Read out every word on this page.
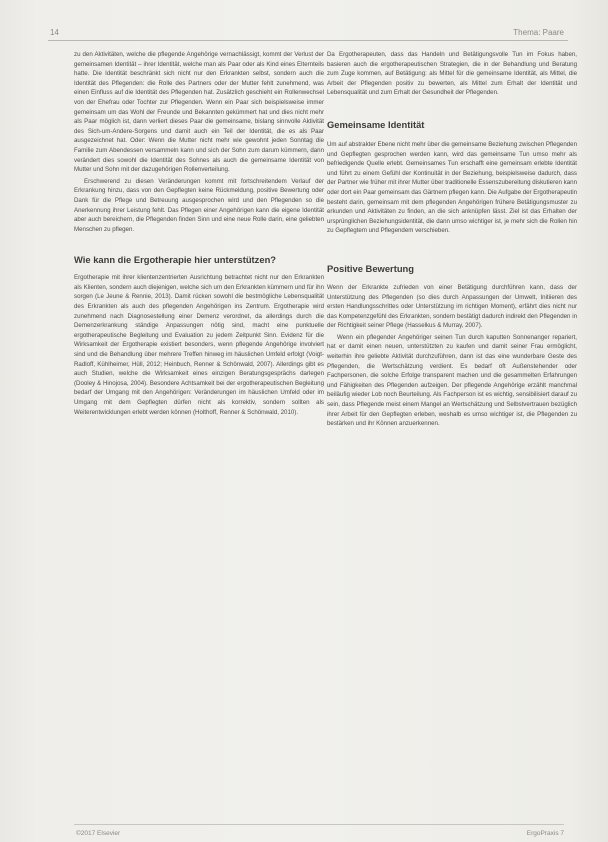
14	Thema: Paare

zu den Aktivitäten, welche die pflegende Angehörige vernachlässigt, kommt der Verlust der gemeinsamen Identität – ihrer Identität, welche man als Paar oder als Kind eines Elternteils hatte. Die Identität beschränkt sich nicht nur den Erkrankten selbst, sondern auch die Identität des Pflegenden: die Rolle des Partners oder der Mutter fehlt zunehmend, was einen Einfluss auf die Identität des Pflegenden hat. Zusätzlich geschieht ein Rollenwechsel von der Ehefrau oder Tochter zur Pflegenden. Wenn ein Paar sich beispielsweise immer gemeinsam um das Wohl der Freunde und Bekannten gekümmert hat und dies nicht mehr als Paar möglich ist, dann verliert dieses Paar die gemeinsame, bislang sinnvolle Aktivität des Sich-um-Andere-Sorgens und damit auch ein Teil der Identität, die es als Paar ausgezeichnet hat. Oder: Wenn die Mutter nicht mehr wie gewohnt jeden Sonntag die Familie zum Abendessen versammeln kann und sich der Sohn zum darum kümmern, dann verändert dies sowohl die Identität des Sohnes als auch die gemeinsame Identität von Mutter und Sohn mit der dazugehörigen Rollenverteilung.

Erschwerend zu diesen Veränderungen kommt mit fortschreitendem Verlauf der Erkrankung hinzu, dass von den Gepflegten keine Rückmeldung, positive Bewertung oder Dank für die Pflege und Betreuung ausgesprochen wird und den Pflegenden so die Anerkennung ihrer Leistung fehlt. Das Pflegen einer Angehörigen kann die eigene Identität aber auch bereichern, die Pflegenden finden Sinn und eine neue Rolle darin, eine geliebten Menschen zu pflegen.

Wie kann die Ergotherapie hier unterstützen?

Ergotherapie mit ihrer klientenzentrierten Ausrichtung betrachtet nicht nur den Erkrankten als Klienten, sondern auch diejenigen, welche sich um den Erkrankten kümmern und für ihn sorgen (Le Jeune & Rennie, 2013). Damit rücken sowohl die bestmögliche Lebensqualität des Erkrankten als auch des pflegenden Angehörigen ins Zentrum. Ergotherapie wird zunehmend nach Diagnosestellung einer Demenz verordnet, da allerdings durch die Demenzerkrankung ständige Anpassungen nötig sind, macht eine punktuelle ergotherapeutische Begleitung und Evaluation zu jedem Zeitpunkt Sinn. Evidenz für die Wirksamkeit der Ergotherapie existiert besonders, wenn pflegende Angehörige involviert sind und die Behandlung über mehrere Treffen hinweg im häuslichen Umfeld erfolgt (Voigt-Radloff, Kühlheimer, Hüll, 2012; Heinbuch, Renner & Schönwald, 2007). Allerdings gibt es auch Studien, welche die Wirksamkeit eines einzigen Beratungsgesprächs darlegen (Dooley & Hinojosa, 2004). Besondere Achtsamkeit bei der ergotherapeutischen Begleitung bedarf der Umgang mit den Angehörigen: Veränderungen im häuslichen Umfeld oder im Umgang mit dem Gepflegten dürfen nicht als korrektiv, sondern sollten als Weiterentwicklungen erlebt werden können (Holthoff, Renner & Schönwald, 2010).

Da Ergotherapeuten, dass das Handeln und Betätigungsvolle Tun im Fokus haben, basieren auch die ergotherapeutischen Strategien, die in der Behandlung und Beratung zum Zuge kommen, auf Betätigung: als Mittel für die gemeinsame Identität, als Mittel, die Arbeit der Pflegenden positiv zu bewerten, als Mittel zum Erhalt der Identität und Lebensqualität und zum Erhalt der Gesundheit der Pflegenden.

Gemeinsame Identität

Um auf abstrakter Ebene nicht mehr über die gemeinsame Beziehung zwischen Pflegenden und Gepflegten gesprochen werden kann, wird das gemeinsame Tun umso mehr als befriedigende Quelle erlebt. Gemeinsames Tun erschafft eine gemeinsam erlebte Identität und führt zu einem Gefühl der Kontinuität in der Beziehung, beispielsweise dadurch, dass der Partner wie früher mit ihrer Mutter über traditionelle Essenszubereitung diskutieren kann oder dort ein Paar gemeinsam das Gärtnern pflegen kann. Die Aufgabe der Ergotherapeutin besteht darin, gemeinsam mit dem pflegenden Angehörigen frühere Betätigungsmuster zu erkunden und Aktivitäten zu finden, an die sich anknüpfen lässt. Ziel ist das Erhalten der ursprünglichen Beziehungsidentität, die dann umso wichtiger ist, je mehr sich die Rollen hin zu Gepflegtem und Pflegendem verschieben.

Positive Bewertung

Wenn der Erkrankte zufrieden von einer Betätigung durchführen kann, dass der Unterstützung des Pflegenden (so dies durch Anpassungen der Umwelt, Initiieren des ersten Handlungsschrittes oder Unterstützung im richtigen Moment), erfährt dies nicht nur das Kompetenzgefühl des Erkrankten, sondern bestätigt dadurch indirekt den Pflegenden in der Richtigkeit seiner Pflege (Hasselkus & Murray, 2007).

Wenn ein pflegender Angehöriger seinen Tun durch kaputten Sonnenanger repariert, hat er damit einen neuen, unterstützten zu kaufen und damit seiner Frau ermöglicht, weiterhin ihre geliebte Aktivität durchzuführen, dann ist das eine wunderbare Geste des Pflegenden, die Wertschätzung verdient. Es bedarf oft Außenstehender oder Fachpersonen, die solche Erfolge transparent machen und die gesammelten Erfahrungen und Fähigkeiten des Pflegenden aufzeigen. Der pflegende Angehörige erzählt manchmal beiläufig wieder Lob noch Beurteilung. Als Fachperson ist es wichtig, sensibilisiert darauf zu sein, dass Pflegende meist einem Mangel an Wertschätzung und Selbstvertrauen bezüglich ihrer Arbeit für den Gepflegten erleben, weshalb es umso wichtiger ist, die Pflegenden zu bestärken und ihr Können anzuerkennen.

©2017 Elsevier	ErgoPraxis 7
